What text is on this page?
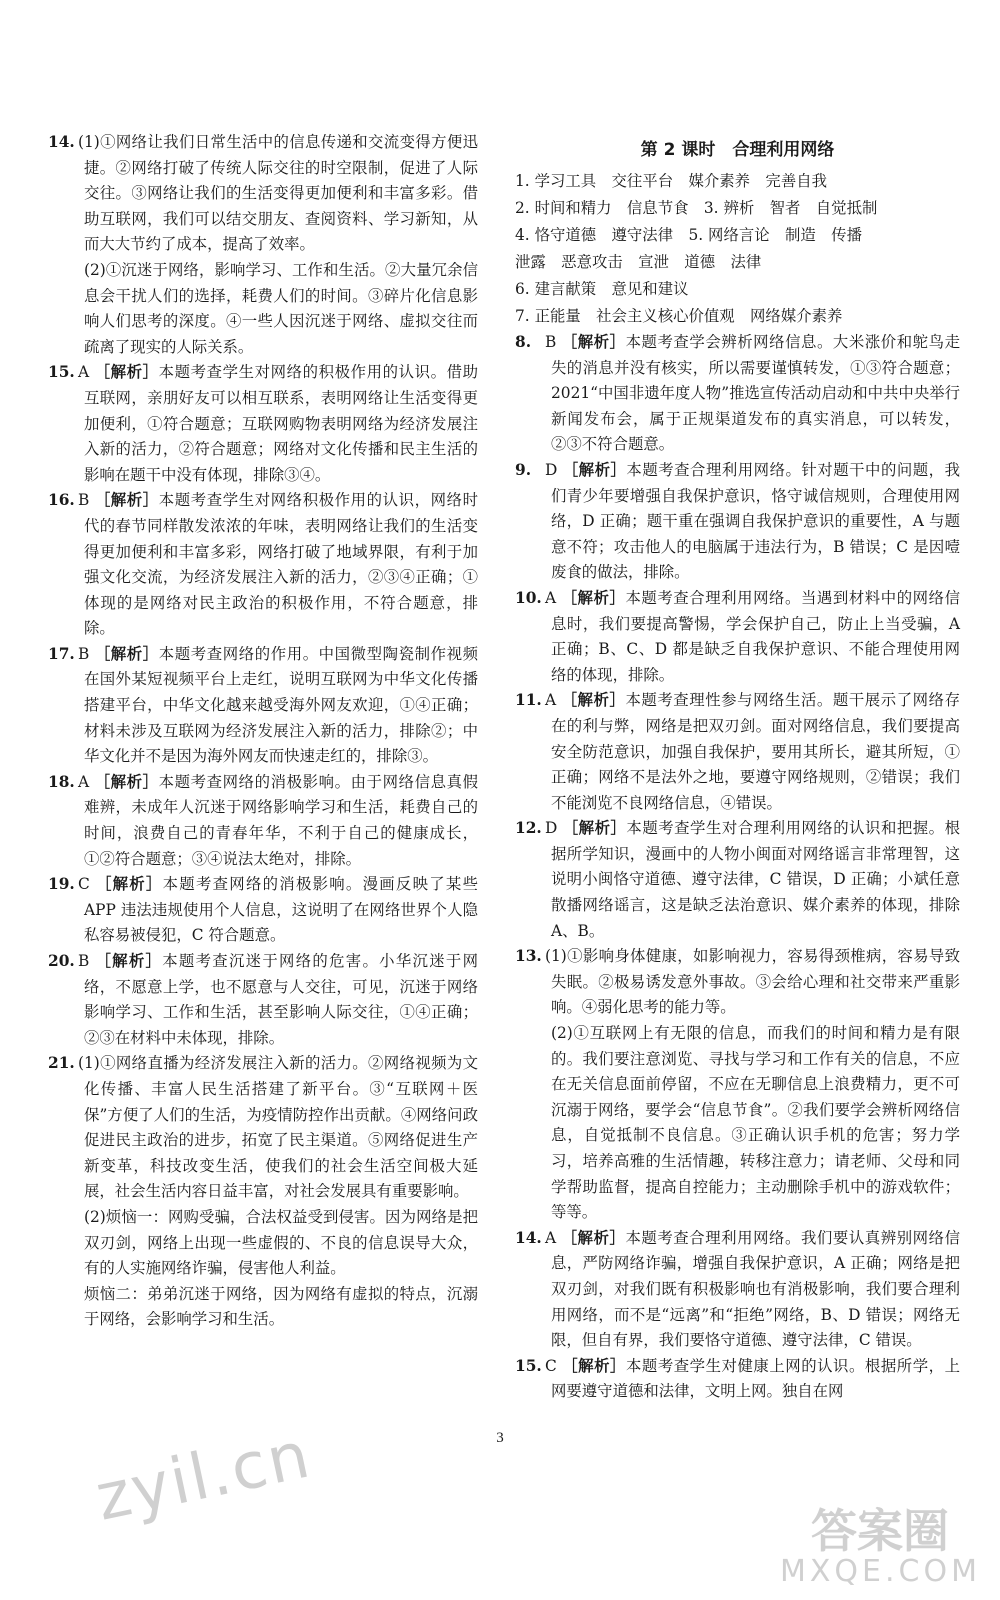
14. (1)①网络让我们日常生活中的信息传递和交流变得方便迅捷。②网络打破了传统人际交往的时空限制，促进了人际交往。③网络让我们的生活变得更加便利和丰富多彩。借助互联网，我们可以结交朋友、查阅资料、学习新知，从而大大节约了成本，提高了效率。

(2)①沉迷于网络，影响学习、工作和生活。②大量冗余信息会干扰人们的选择，耗费人们的时间。③碎片化信息影响人们思考的深度。④一些人因沉迷于网络、虚拟交往而疏离了现实的人际关系。

15. A ［解析］本题考查学生对网络的积极作用的认识。借助互联网，亲朋好友可以相互联系，表明网络让生活变得更加便利，①符合题意；互联网购物表明网络为经济发展注入新的活力，②符合题意；网络对文化传播和民主生活的影响在题干中没有体现，排除③④。

16. B ［解析］本题考查学生对网络积极作用的认识，网络时代的春节同样散发浓浓的年味，表明网络让我们的生活变得更加便利和丰富多彩，网络打破了地域界限，有利于加强文化交流，为经济发展注入新的活力，②③④正确；①体现的是网络对民主政治的积极作用，不符合题意，排除。

17. B ［解析］本题考查网络的作用。中国微型陶瓷制作视频在国外某短视频平台上走红，说明互联网为中华文化传播搭建平台，中华文化越来越受海外网友欢迎，①④正确；材料未涉及互联网为经济发展注入新的活力，排除②；中华文化并不是因为海外网友而快速走红的，排除③。

18. A ［解析］本题考查网络的消极影响。由于网络信息真假难辨，未成年人沉迷于网络影响学习和生活，耗费自己的时间，浪费自己的青春年华，不利于自己的健康成长，①②符合题意；③④说法太绝对，排除。

19. C ［解析］本题考查网络的消极影响。漫画反映了某些 APP 违法违规使用个人信息，这说明了在网络世界个人隐私容易被侵犯，C 符合题意。

20. B ［解析］本题考查沉迷于网络的危害。小华沉迷于网络，不愿意上学，也不愿意与人交往，可见，沉迷于网络影响学习、工作和生活，甚至影响人际交往，①④正确；②③在材料中未体现，排除。

21. (1)①网络直播为经济发展注入新的活力。②网络视频为文化传播、丰富人民生活搭建了新平台。③“互联网＋医保”方便了人们的生活，为疫情防控作出贡献。④网络问政促进民主政治的进步，拓宽了民主渠道。⑤网络促进生产新变革，科技改变生活，使我们的社会生活空间极大延展，社会生活内容日益丰富，对社会发展具有重要影响。

(2)烦恼一：网购受骗，合法权益受到侵害。因为网络是把双刃剑，网络上出现一些虚假的、不良的信息误导大众，有的人实施网络诈骗，侵害他人利益。

烦恼二：弟弟沉迷于网络，因为网络有虚拟的特点，沉溺于网络，会影响学习和生活。

第 2 课时　合理利用网络

1. 学习工具　交往平台　媒介素养　完善自我

2. 时间和精力　信息节食　3. 辨析　智者　自觉抵制

4. 恪守道德　遵守法律　5. 网络言论　制造　传播

泄露　恶意攻击　宣泄　道德　法律

6. 建言献策　意见和建议

7. 正能量　社会主义核心价值观　网络媒介素养

8. B ［解析］本题考查学会辨析网络信息。大米涨价和鸵鸟走失的消息并没有核实，所以需要谨慎转发，①③符合题意；2021“中国非遗年度人物”推选宣传活动启动和中共中央举行新闻发布会，属于正规渠道发布的真实消息，可以转发，②③不符合题意。

9. D ［解析］本题考查合理利用网络。针对题干中的问题，我们青少年要增强自我保护意识，恪守诚信规则，合理使用网络，D 正确；题干重在强调自我保护意识的重要性，A 与题意不符；攻击他人的电脑属于违法行为，B 错误；C 是因噎废食的做法，排除。

10. A ［解析］本题考查合理利用网络。当遇到材料中的网络信息时，我们要提高警惕，学会保护自己，防止上当受骗，A 正确；B、C、D 都是缺乏自我保护意识、不能合理使用网络的体现，排除。

11. A ［解析］本题考查理性参与网络生活。题干展示了网络存在的利与弊，网络是把双刃剑。面对网络信息，我们要提高安全防范意识，加强自我保护，要用其所长，避其所短，①正确；网络不是法外之地，要遵守网络规则，②错误；我们不能浏览不良网络信息，④错误。

12. D ［解析］本题考查学生对合理利用网络的认识和把握。根据所学知识，漫画中的人物小闽面对网络谣言非常理智，这说明小闽恪守道德、遵守法律，C 错误，D 正确；小斌任意散播网络谣言，这是缺乏法治意识、媒介素养的体现，排除 A、B。

13. (1)①影响身体健康，如影响视力，容易得颈椎病，容易导致失眠。②极易诱发意外事故。③会给心理和社交带来严重影响。④弱化思考的能力等。

(2)①互联网上有无限的信息，而我们的时间和精力是有限的。我们要注意浏览、寻找与学习和工作有关的信息，不应在无关信息面前停留，不应在无聊信息上浪费精力，更不可沉溺于网络，要学会“信息节食”。②我们要学会辨析网络信息，自觉抵制不良信息。③正确认识手机的危害；努力学习，培养高雅的生活情趣，转移注意力；请老师、父母和同学帮助监督，提高自控能力；主动删除手机中的游戏软件；等等。

14. A ［解析］本题考查合理利用网络。我们要认真辨别网络信息，严防网络诈骗，增强自我保护意识，A 正确；网络是把双刃剑，对我们既有积极影响也有消极影响，我们要合理利用网络，而不是“远离”和“拒绝”网络，B、D 错误；网络无限，但自有界，我们要恪守道德、遵守法律，C 错误。

15. C ［解析］本题考查学生对健康上网的认识。根据所学，上网要遵守道德和法律，文明上网。独自在网

3
zyil.cn	答案圈
MXQE.COM
